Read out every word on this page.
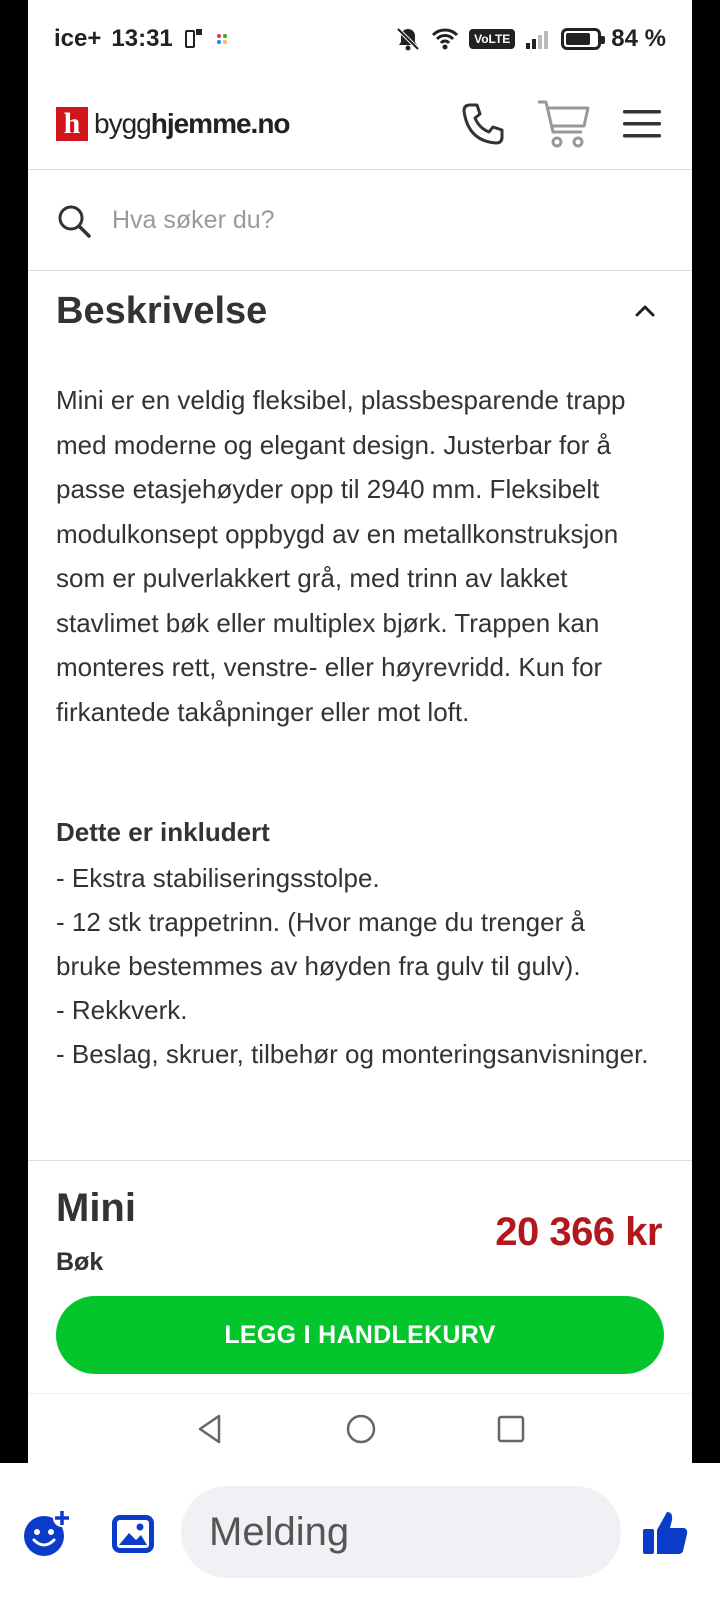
ice+ 13:31	VoLTE	84 %
h bygghjemme.no
Hva søker du?
Beskrivelse

Mini er en veldig fleksibel, plassbesparende trapp med moderne og elegant design. Justerbar for å passe etasjehøyder opp til 2940 mm. Fleksibelt modulkonsept oppbygd av en metallkonstruksjon som er pulverlakkert grå, med trinn av lakket stavlimet bøk eller multiplex bjørk. Trappen kan monteres rett, venstre- eller høyrevridd. Kun for firkantede takåpninger eller mot loft.

Dette er inkludert
- Ekstra stabiliseringsstolpe.
- 12 stk trappetrinn. (Hvor mange du trenger å bruke bestemmes av høyden fra gulv til gulv).
- Rekkverk.
- Beslag, skruer, tilbehør og monteringsanvisninger.
Mini
Bøk
20 366 kr
LEGG I HANDLEKURV
Melding
